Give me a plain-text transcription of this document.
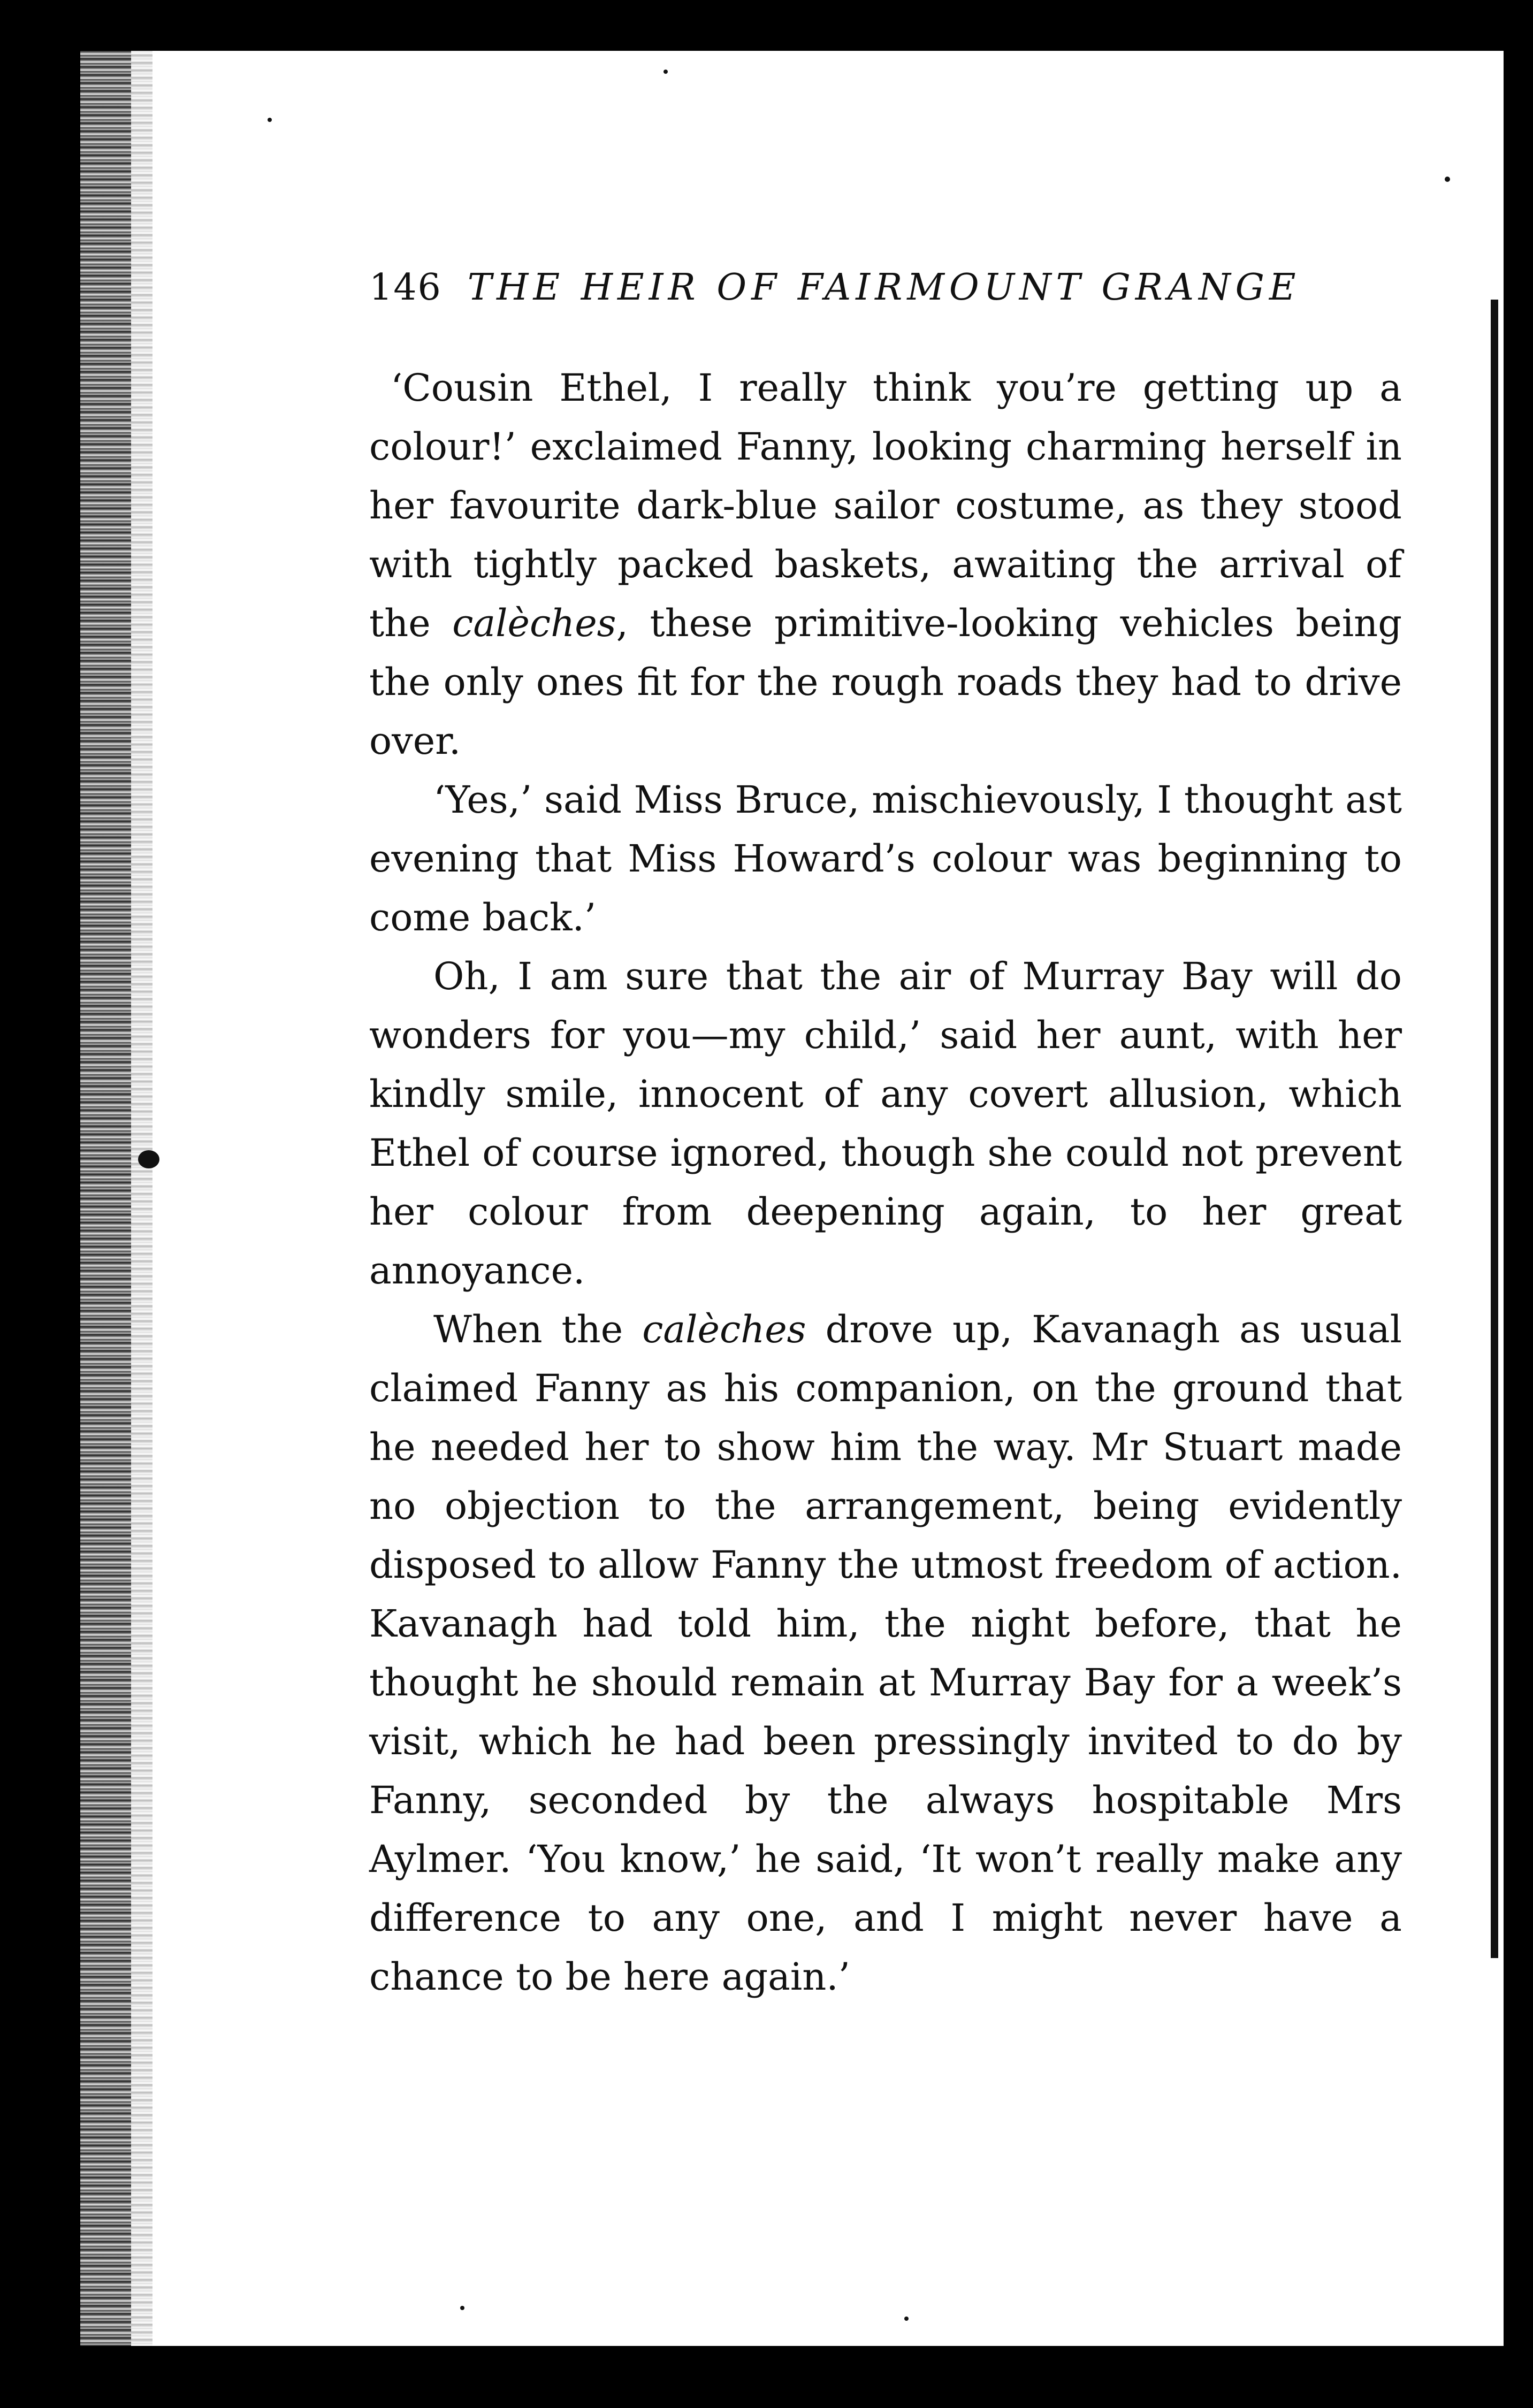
146 THE HEIR OF FAIRMOUNT GRANGE

‘Cousin Ethel, I really think you’re getting up a colour!’ exclaimed Fanny, looking charming herself in her favourite dark-blue sailor costume, as they stood with tightly packed baskets, awaiting the arrival of the calèches, these primitive-looking vehicles being the only ones fit for the rough roads they had to drive over.

‘Yes,’ said Miss Bruce, mischievously, I thought ast evening that Miss Howard’s colour was beginning to come back.’

Oh, I am sure that the air of Murray Bay will do wonders for you—my child,’ said her aunt, with her kindly smile, innocent of any covert allusion, which Ethel of course ignored, though she could not prevent her colour from deepening again, to her great annoyance.

When the calèches drove up, Kavanagh as usual claimed Fanny as his companion, on the ground that he needed her to show him the way. Mr Stuart made no objection to the arrangement, being evidently disposed to allow Fanny the utmost freedom of action. Kavanagh had told him, the night before, that he thought he should remain at Murray Bay for a week’s visit, which he had been pressingly invited to do by Fanny, seconded by the always hospitable Mrs Aylmer. ‘You know,’ he said, ‘It won’t really make any difference to any one, and I might never have a chance to be here again.’
